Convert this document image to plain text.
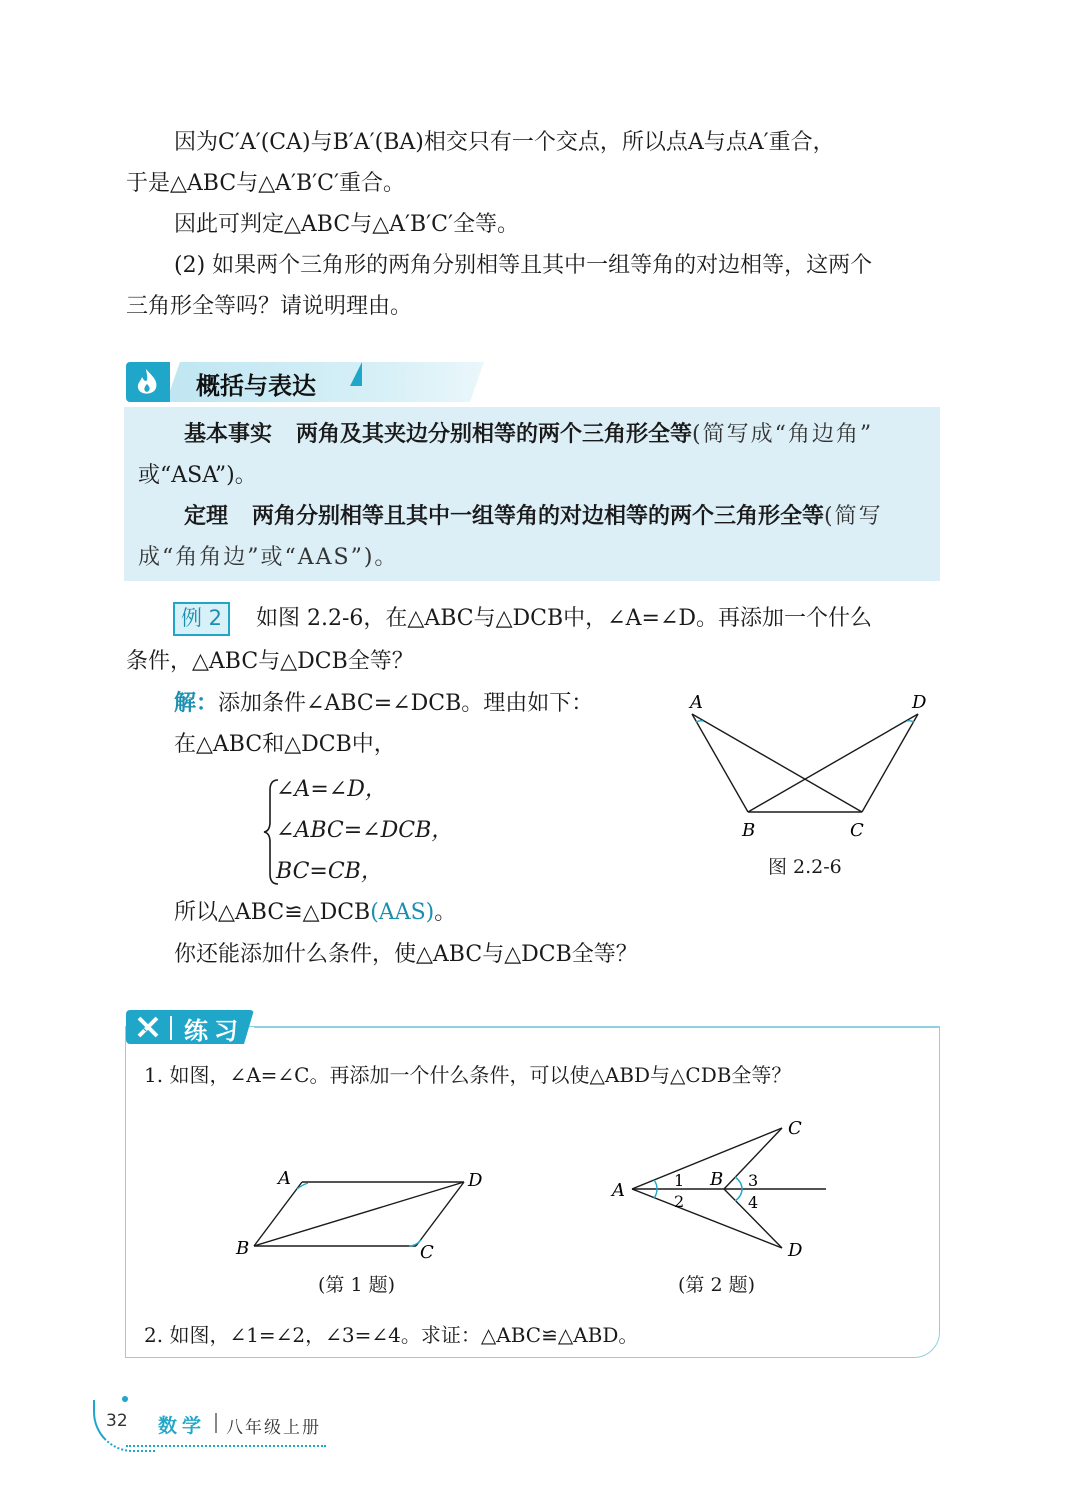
因为C′A′(CA)与B′A′(BA)相交只有一个交点，所以点A与点A′重合，
于是△ABC与△A′B′C′重合。
因此可判定△ABC与△A′B′C′全等。
(2) 如果两个三角形的两角分别相等且其中一组等角的对边相等，这两个
三角形全等吗？请说明理由。
概括与表达
基本事实 两角及其夹边分别相等的两个三角形全等(简写成“角边角”
或“ASA”)。
定理 两角分别相等且其中一组等角的对边相等的两个三角形全等(简写
成“角角边”或“AAS”)。
例 2	如图 2.2-6，在△ABC与△DCB中，∠A=∠D。再添加一个什么
条件，△ABC与△DCB全等？
解：添加条件∠ABC=∠DCB。理由如下：
在△ABC和△DCB中，
∠A=∠D，
∠ABC=∠DCB，
BC=CB，
所以△ABC≌△DCB(AAS)。
你还能添加什么条件，使△ABC与△DCB全等？
A	D
B	C
图 2.2-6
练习
1. 如图，∠A=∠C。再添加一个什么条件，可以使△ABD与△CDB全等？
A	D
B	C
(第 1 题)
A
B
C
D
1
2
3
4
(第 2 题)
2. 如图，∠1=∠2，∠3=∠4。求证：△ABC≌△ABD。
32 数学 八年级上册
